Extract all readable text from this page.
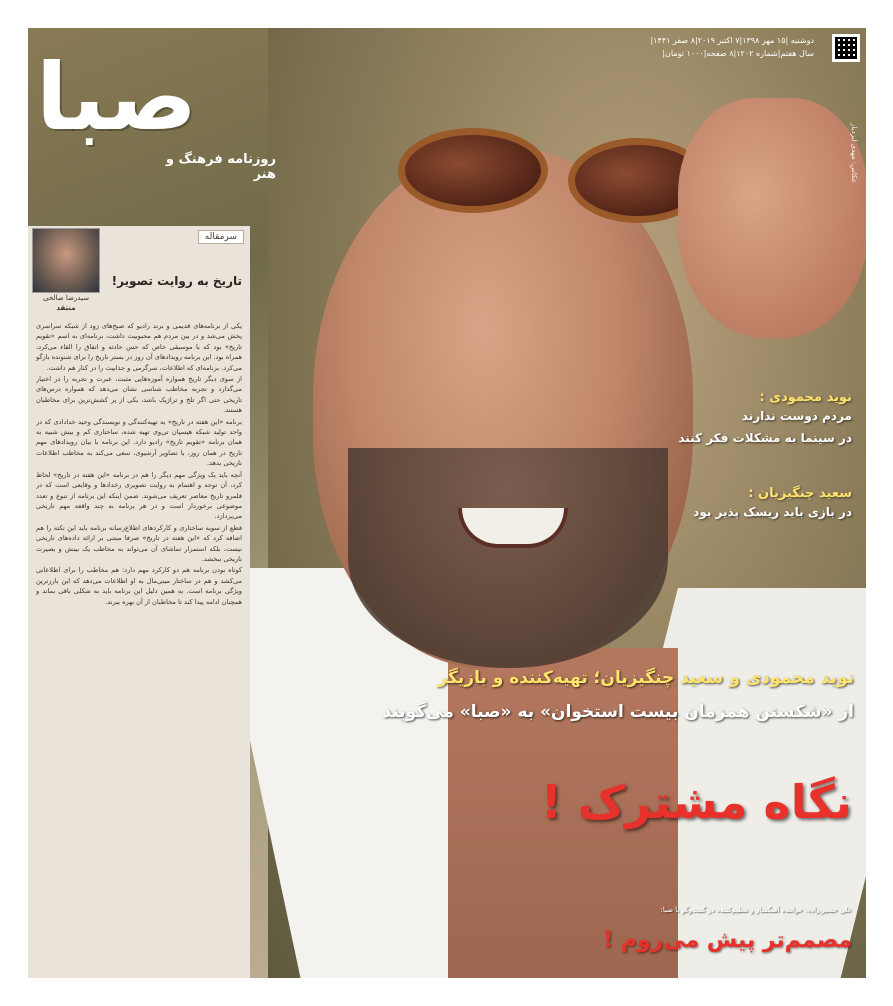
صبا
روزنامه فرهنگ و هنر
دوشنبه |۱۵ مهر ۱۳۹۸|۷ اکتبر ۲۰۱۹|۸ صفر ۱۴۴۱|
سال هفتم|شماره ۱۲۰۲|۸ صفحه|۱۰۰۰ تومان|
عکاس: مهدی ایزدیار
سرمقاله
سیدرضا صالحی
منتقد
تاریخ به روایت تصویر!

یکی از برنامه‌های قدیمی و برند رادیو که صبح‌های زود از شبکه سراسری پخش می‌شد و در بین مردم هم محبوبیت داشت، برنامه‌ای به اسم «تقویم تاریخ» بود که با موسیقی خاص که حس حادثه و اتفاق را القاء می‌کرد، همراه بود. این برنامه رویدادهای آن روز در بستر تاریخ را برای شنونده بازگو می‌کرد. برنامه‌ای که اطلاعات، سرگرمی و جذابیت را در کنار هم داشت.

از سوی دیگر تاریخ همواره آموزه‌هایی مثبت، عبرت و تجربه را در اختیار می‌گذارد و تجربه مخاطب شناسی نشان می‌دهد که همواره درس‌های تاریخی حتی اگر تلخ و تراژیک باشد، یکی از پر کشش‌ترین برای مخاطبان هستند.

برنامه «این هفته در تاریخ» به تهیه‌کنندگی و نویسندگی وحید خدادادی که در واحد تولید شبکه هیسپان تی‌وی تهیه شده، ساختاری کم و بیش شبیه به همان برنامه «تقویم تاریخ» رادیو دارد. این برنامه با بیان رویدادهای مهم تاریخ در همان روز، با تصاویر آرشیوی، سعی می‌کند به مخاطب اطلاعات تاریخی بدهد.

آنچه باید یک ویژگی مهم دیگر را هم در برنامه «این هفته در تاریخ» لحاظ کرد، آن توجه و اهتمام به روایت تصویری رخدادها و وقایعی است که در قلمرو تاریخ معاصر تعریف می‌شوند. ضمن اینکه این برنامه از تنوع و تعدد موضوعی برخوردار است و در هر برنامه به چند واقعه مهم تاریخی می‌پردازد.

قطع از سویه ساختاری و کارکردهای اطلاع‌رسانه برنامه باید این نکته را هم اضافه کرد که «این هفته در تاریخ» صرفا مبتنی بر ارائه داده‌های تاریخی نیست، بلکه استمرار تماشای آن می‌تواند به مخاطب یک بینش و بصیرت تاریخی ببخشد.

کوتاه بودن برنامه هم دو کارکرد مهم دارد: هم مخاطب را برای اطلاعاتی می‌کشد و هم در ساختار مینی‌مال به او اطلاعات می‌دهد که این بارزترین ویژگی برنامه است. به همین دلیل این برنامه باید به شکلی باقی بماند و همچنان ادامه پیدا کند تا مخاطبان از آن بهره ببرند.

نوید محمودی :
مردم دوست ندارند
در سینما به مشکلات فکر کنند
سعید چنگیزیان :
در بازی باید ریسک پذیر بود
نوید محمودی و سعید چنگیزیان؛ تهیه‌کننده و بازیگر
از «شکستن همزمان بیست استخوان» به «صبا» می‌گویند
نگاه مشترک !
علی حسین‌زاده، خواننده آهنگساز و تنظیم‌کننده در گفت‌وگو با صبا:
مصمم‌تر پیش می‌روم !
